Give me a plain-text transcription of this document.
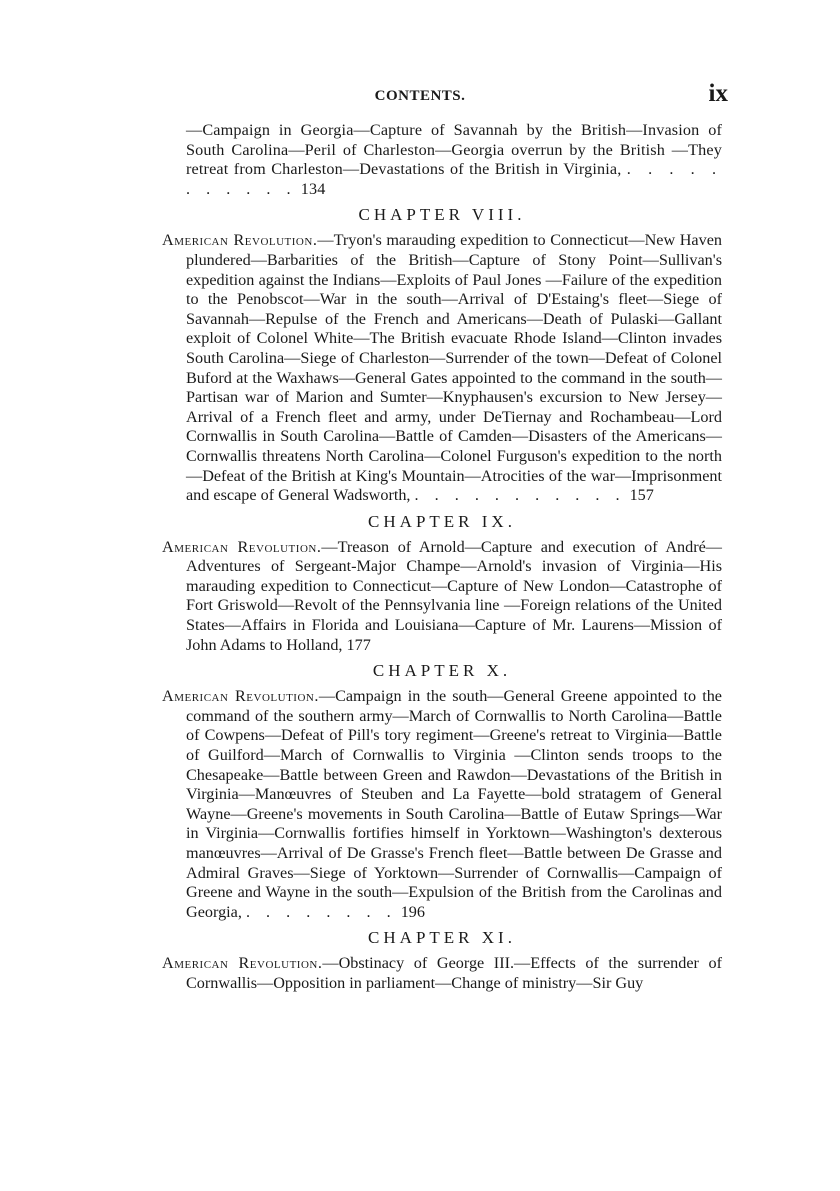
CONTENTS.	ix
—Campaign in Georgia—Capture of Savannah by the British—Invasion of South Carolina—Peril of Charleston—Georgia overrun by the British —They retreat from Charleston—Devastations of the British in Virginia, . . . . . . . . . . . 134
CHAPTER VIII.
American Revolution.—Tryon's marauding expedition to Connecticut—New Haven plundered—Barbarities of the British—Capture of Stony Point—Sullivan's expedition against the Indians—Exploits of Paul Jones —Failure of the expedition to the Penobscot—War in the south—Arrival of D'Estaing's fleet—Siege of Savannah—Repulse of the French and Americans—Death of Pulaski—Gallant exploit of Colonel White—The British evacuate Rhode Island—Clinton invades South Carolina—Siege of Charleston—Surrender of the town—Defeat of Colonel Buford at the Waxhaws—General Gates appointed to the command in the south—Partisan war of Marion and Sumter—Knyphausen's excursion to New Jersey—Arrival of a French fleet and army, under DeTiernay and Rochambeau—Lord Cornwallis in South Carolina—Battle of Camden—Disasters of the Americans—Cornwallis threatens North Carolina—Colonel Furguson's expedition to the north—Defeat of the British at King's Mountain—Atrocities of the war—Imprisonment and escape of General Wadsworth, . . . . . . . . . . . 157
CHAPTER IX.
American Revolution.—Treason of Arnold—Capture and execution of André—Adventures of Sergeant-Major Champe—Arnold's invasion of Virginia—His marauding expedition to Connecticut—Capture of New London—Catastrophe of Fort Griswold—Revolt of the Pennsylvania line —Foreign relations of the United States—Affairs in Florida and Louisiana—Capture of Mr. Laurens—Mission of John Adams to Holland, 177
CHAPTER X.
American Revolution.—Campaign in the south—General Greene appointed to the command of the southern army—March of Cornwallis to North Carolina—Battle of Cowpens—Defeat of Pill's tory regiment—Greene's retreat to Virginia—Battle of Guilford—March of Cornwallis to Virginia —Clinton sends troops to the Chesapeake—Battle between Green and Rawdon—Devastations of the British in Virginia—Manœuvres of Steuben and La Fayette—bold stratagem of General Wayne—Greene's movements in South Carolina—Battle of Eutaw Springs—War in Virginia—Cornwallis fortifies himself in Yorktown—Washington's dexterous manœuvres—Arrival of De Grasse's French fleet—Battle between De Grasse and Admiral Graves—Siege of Yorktown—Surrender of Cornwallis—Campaign of Greene and Wayne in the south—Expulsion of the British from the Carolinas and Georgia, . . . . . . . . 196
CHAPTER XI.
American Revolution.—Obstinacy of George III.—Effects of the surrender of Cornwallis—Opposition in parliament—Change of ministry—Sir Guy
